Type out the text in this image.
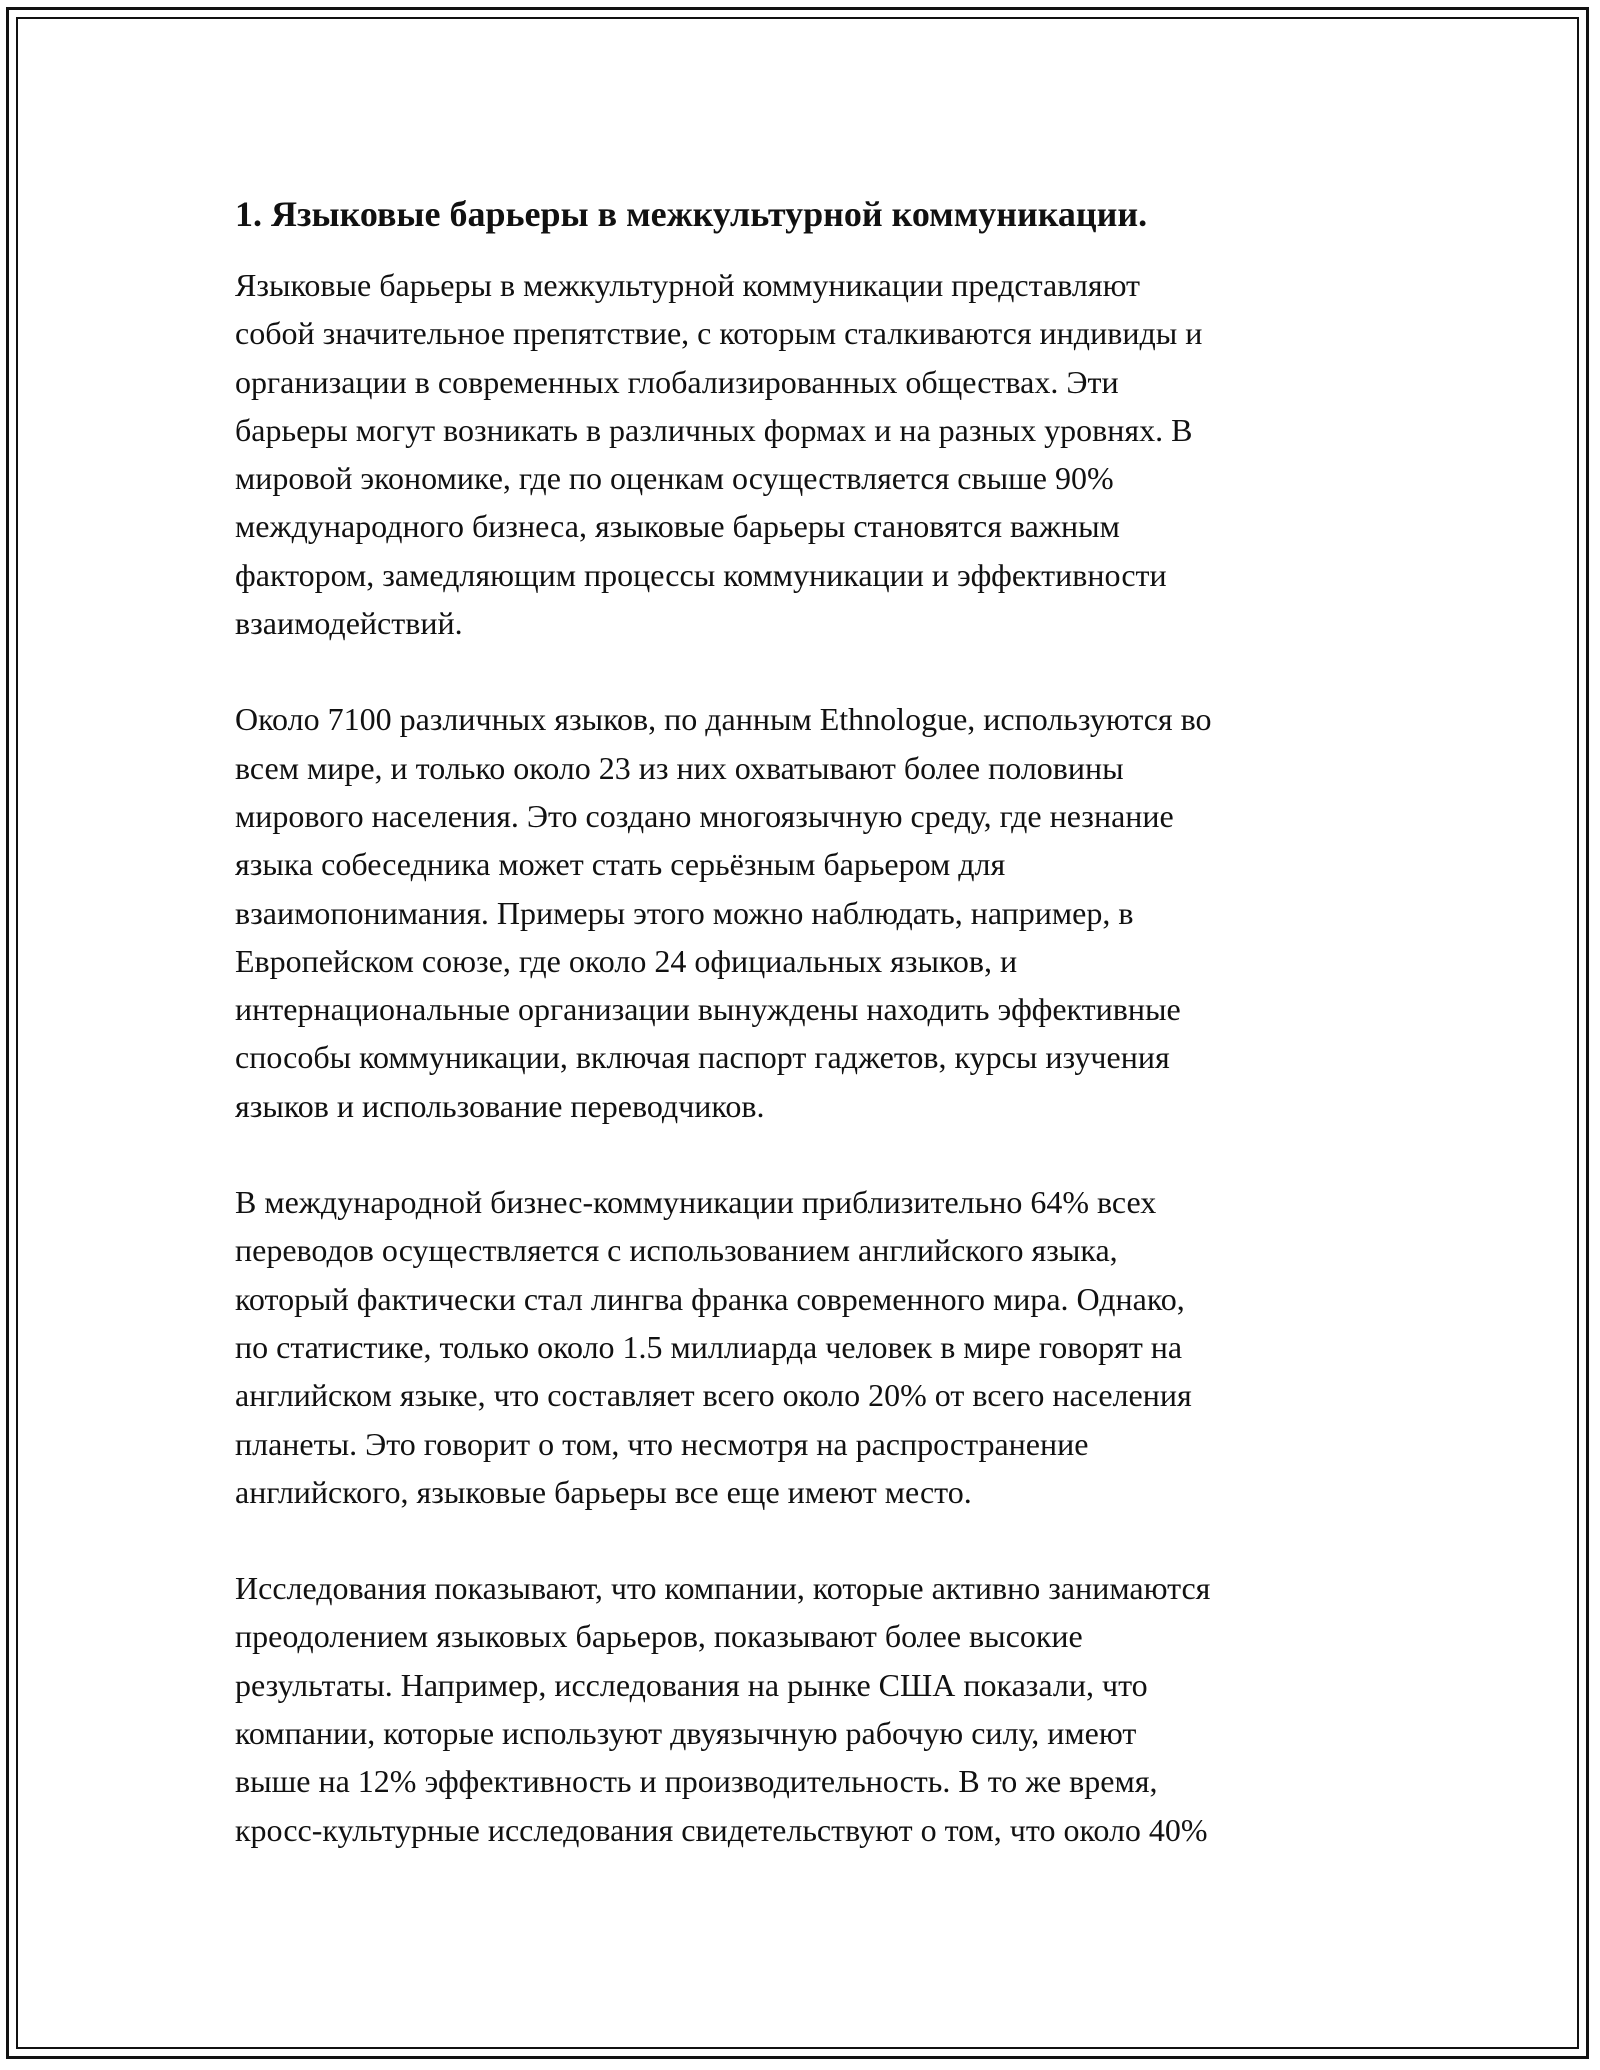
1. Языковые барьеры в межкультурной коммуникации.

Языковые барьеры в межкультурной коммуникации представляют
собой значительное препятствие, с которым сталкиваются индивиды и
организации в современных глобализированных обществах. Эти
барьеры могут возникать в различных формах и на разных уровнях. В
мировой экономике, где по оценкам осуществляется свыше 90%
международного бизнеса, языковые барьеры становятся важным
фактором, замедляющим процессы коммуникации и эффективности
взаимодействий.

Около 7100 различных языков, по данным Ethnologue, используются во
всем мире, и только около 23 из них охватывают более половины
мирового населения. Это создано многоязычную среду, где незнание
языка собеседника может стать серьёзным барьером для
взаимопонимания. Примеры этого можно наблюдать, например, в
Европейском союзе, где около 24 официальных языков, и
интернациональные организации вынуждены находить эффективные
способы коммуникации, включая паспорт гаджетов, курсы изучения
языков и использование переводчиков.

В международной бизнес-коммуникации приблизительно 64% всех
переводов осуществляется с использованием английского языка,
который фактически стал лингва франка современного мира. Однако,
по статистике, только около 1.5 миллиарда человек в мире говорят на
английском языке, что составляет всего около 20% от всего населения
планеты. Это говорит о том, что несмотря на распространение
английского, языковые барьеры все еще имеют место.

Исследования показывают, что компании, которые активно занимаются
преодолением языковых барьеров, показывают более высокие
результаты. Например, исследования на рынке США показали, что
компании, которые используют двуязычную рабочую силу, имеют
выше на 12% эффективность и производительность. В то же время,
кросс-культурные исследования свидетельствуют о том, что около 40%
